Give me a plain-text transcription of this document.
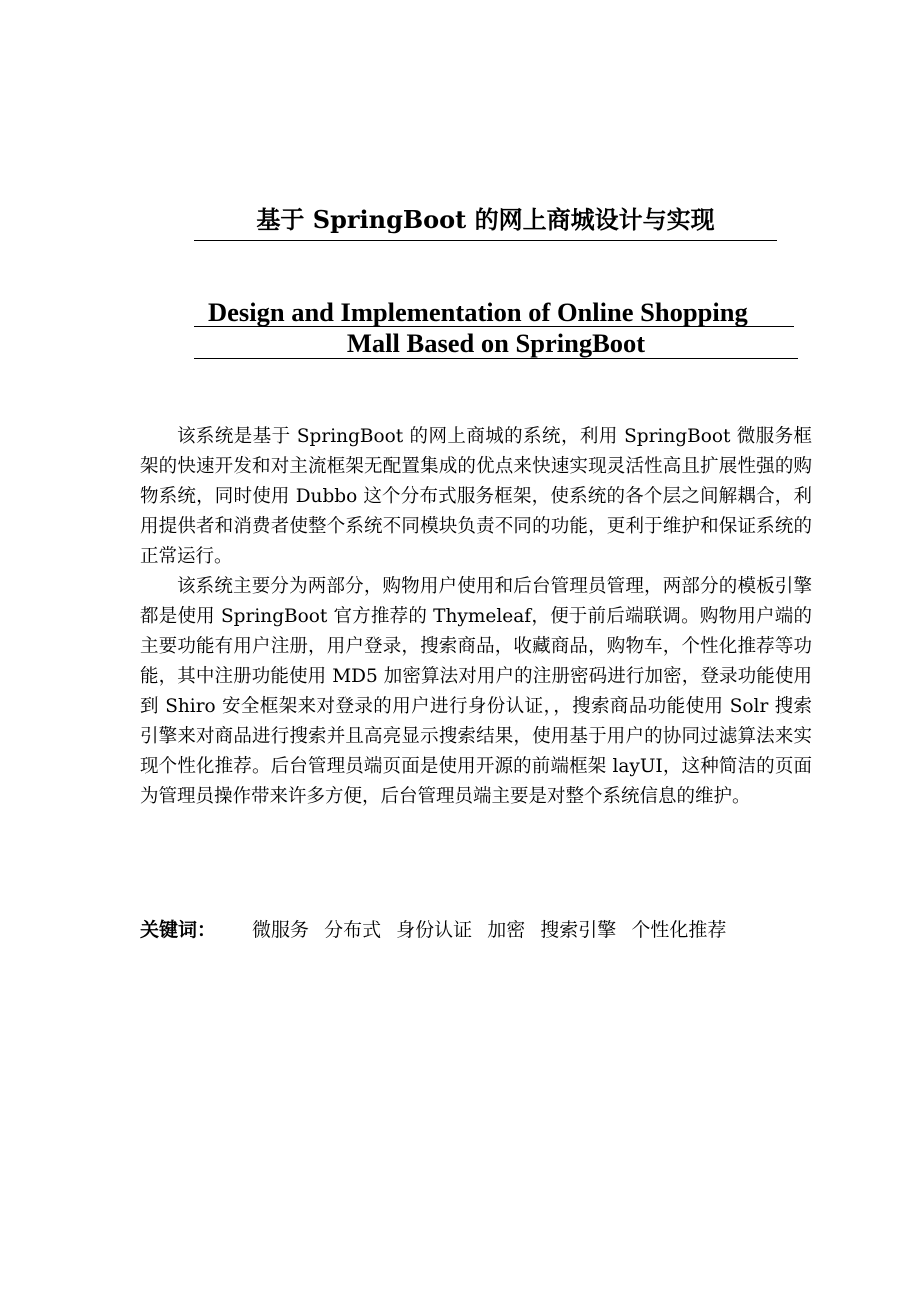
基于 SpringBoot 的网上商城设计与实现
Design and Implementation of Online Shopping
Mall Based on SpringBoot

该系统是基于 SpringBoot 的网上商城的系统，利用 SpringBoot 微服务框架的快速开发和对主流框架无配置集成的优点来快速实现灵活性高且扩展性强的购物系统，同时使用 Dubbo 这个分布式服务框架，使系统的各个层之间解耦合，利用提供者和消费者使整个系统不同模块负责不同的功能，更利于维护和保证系统的正常运行。

该系统主要分为两部分，购物用户使用和后台管理员管理，两部分的模板引擎都是使用 SpringBoot 官方推荐的 Thymeleaf，便于前后端联调。购物用户端的主要功能有用户注册，用户登录，搜索商品，收藏商品，购物车，个性化推荐等功能，其中注册功能使用 MD5 加密算法对用户的注册密码进行加密，登录功能使用到 Shiro 安全框架来对登录的用户进行身份认证，，搜索商品功能使用 Solr 搜索引擎来对商品进行搜索并且高亮显示搜索结果，使用基于用户的协同过滤算法来实现个性化推荐。后台管理员端页面是使用开源的前端框架 layUI，这种简洁的页面为管理员操作带来许多方便，后台管理员端主要是对整个系统信息的维护。

关键词： 微服务 分布式 身份认证 加密 搜索引擎 个性化推荐
